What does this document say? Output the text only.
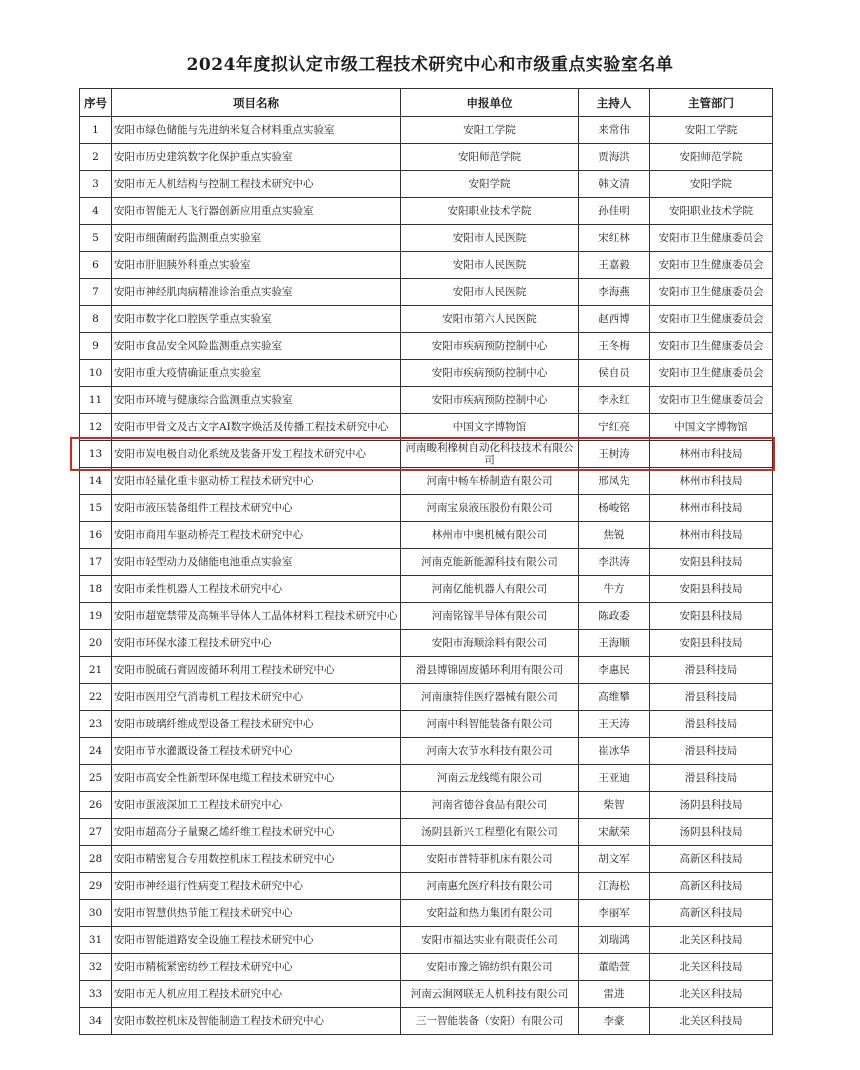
2024年度拟认定市级工程技术研究中心和市级重点实验室名单
序号	项目名称	申报单位	主持人	主管部门
1	安阳市绿色储能与先进纳米复合材料重点实验室	安阳工学院	来常伟	安阳工学院
2	安阳市历史建筑数字化保护重点实验室	安阳师范学院	贾海洪	安阳师范学院
3	安阳市无人机结构与控制工程技术研究中心	安阳学院	韩文清	安阳学院
4	安阳市智能无人飞行器创新应用重点实验室	安阳职业技术学院	孙佳明	安阳职业技术学院
5	安阳市细菌耐药监测重点实验室	安阳市人民医院	宋红林	安阳市卫生健康委员会
6	安阳市肝胆胰外科重点实验室	安阳市人民医院	王嘉毅	安阳市卫生健康委员会
7	安阳市神经肌肉病精准诊治重点实验室	安阳市人民医院	李海燕	安阳市卫生健康委员会
8	安阳市数字化口腔医学重点实验室	安阳市第六人民医院	赵西博	安阳市卫生健康委员会
9	安阳市食品安全风险监测重点实验室	安阳市疾病预防控制中心	王冬梅	安阳市卫生健康委员会
10	安阳市重大疫情确证重点实验室	安阳市疾病预防控制中心	侯自员	安阳市卫生健康委员会
11	安阳市环境与健康综合监测重点实验室	安阳市疾病预防控制中心	李永红	安阳市卫生健康委员会
12	安阳市甲骨文及古文字AI数字焕活及传播工程技术研究中心	中国文字博物馆	宁红亮	中国文字博物馆
13	安阳市炭电极自动化系统及装备开发工程技术研究中心	河南畯利橡树自动化科技技术有限公司	王树涛	林州市科技局
14	安阳市轻量化重卡驱动桥工程技术研究中心	河南中畅车桥制造有限公司	邢凤先	林州市科技局
15	安阳市液压装备组件工程技术研究中心	河南宝泉液压股份有限公司	杨峻铭	林州市科技局
16	安阳市商用车驱动桥壳工程技术研究中心	林州市中奥机械有限公司	焦锐	林州市科技局
17	安阳市轻型动力及储能电池重点实验室	河南克能新能源科技有限公司	李洪涛	安阳县科技局
18	安阳市柔性机器人工程技术研究中心	河南亿能机器人有限公司	牛方	安阳县科技局
19	安阳市超宽禁带及高频半导体人工晶体材料工程技术研究中心	河南铭镓半导体有限公司	陈政委	安阳县科技局
20	安阳市环保水漆工程技术研究中心	安阳市海顺涂料有限公司	王海顺	安阳县科技局
21	安阳市脱硫石膏固废循环利用工程技术研究中心	滑县博锦固废循环利用有限公司	李惠民	滑县科技局
22	安阳市医用空气消毒机工程技术研究中心	河南康特佳医疗器械有限公司	高维攀	滑县科技局
23	安阳市玻璃纤维成型设备工程技术研究中心	河南中科智能装备有限公司	王天涛	滑县科技局
24	安阳市节水灌溉设备工程技术研究中心	河南大农节水科技有限公司	崔冰华	滑县科技局
25	安阳市高安全性新型环保电缆工程技术研究中心	河南云龙线缆有限公司	王亚迪	滑县科技局
26	安阳市蛋液深加工工程技术研究中心	河南省德谷食品有限公司	柴智	汤阴县科技局
27	安阳市超高分子量聚乙烯纤维工程技术研究中心	汤阴县新兴工程塑化有限公司	宋献荣	汤阴县科技局
28	安阳市精密复合专用数控机床工程技术研究中心	安阳市普特菲机床有限公司	胡文军	高新区科技局
29	安阳市神经退行性病变工程技术研究中心	河南惠允医疗科技有限公司	江海松	高新区科技局
30	安阳市智慧供热节能工程技术研究中心	安阳益和热力集团有限公司	李丽军	高新区科技局
31	安阳市智能道路安全设施工程技术研究中心	安阳市福达实业有限责任公司	刘瑞鸿	北关区科技局
32	安阳市精梳紧密纺纱工程技术研究中心	安阳市豫之锦纺织有限公司	董皓萱	北关区科技局
33	安阳市无人机应用工程技术研究中心	河南云涧网联无人机科技有限公司	雷进	北关区科技局
34	安阳市数控机床及智能制造工程技术研究中心	三一智能装备（安阳）有限公司	李豪	北关区科技局
